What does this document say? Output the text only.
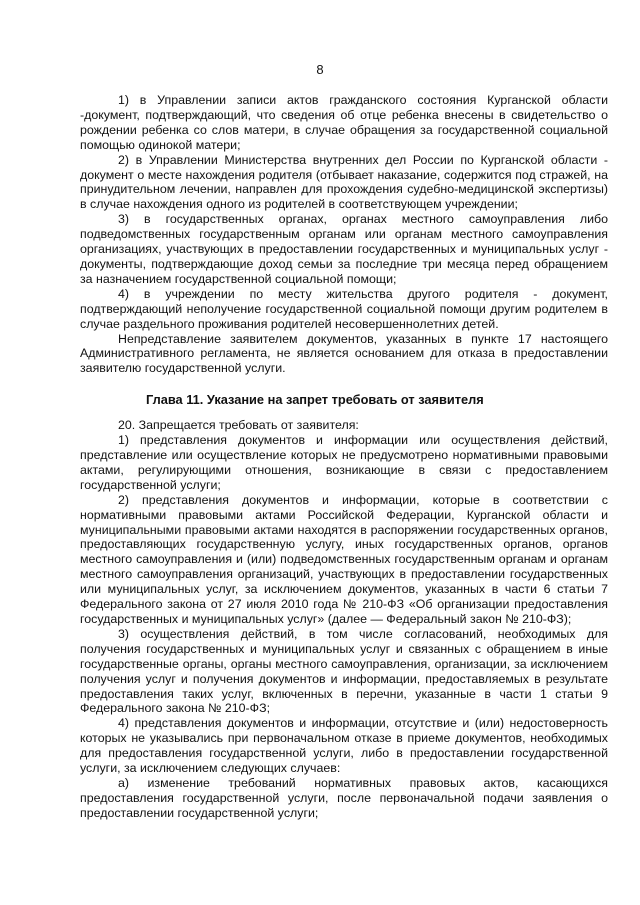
8

1) в Управлении записи актов гражданского состояния Курганской области -документ, подтверждающий, что сведения об отце ребенка внесены в свидетельство о рождении ребенка со слов матери, в случае обращения за государственной социальной помощью одинокой матери;

2) в Управлении Министерства внутренних дел России по Курганской области - документ о месте нахождения родителя (отбывает наказание, содержится под стражей, на принудительном лечении, направлен для прохождения судебно-медицинской экспертизы) в случае нахождения одного из родителей в соответствующем учреждении;

3) в государственных органах, органах местного самоуправления либо подведомственных государственным органам или органам местного самоуправления организациях, участвующих в предоставлении государственных и муниципальных услуг - документы, подтверждающие доход семьи за последние три месяца перед обращением за назначением государственной социальной помощи;

4) в учреждении по месту жительства другого родителя - документ, подтверждающий неполучение государственной социальной помощи другим родителем в случае раздельного проживания родителей несовершеннолетних детей.

Непредставление заявителем документов, указанных в пункте 17 настоящего Административного регламента, не является основанием для отказа в предоставлении заявителю государственной услуги.

Глава 11. Указание на запрет требовать от заявителя

20. Запрещается требовать от заявителя:

1) представления документов и информации или осуществления действий, представление или осуществление которых не предусмотрено нормативными правовыми актами, регулирующими отношения, возникающие в связи с предоставлением государственной услуги;

2) представления документов и информации, которые в соответствии с нормативными правовыми актами Российской Федерации, Курганской области и муниципальными правовыми актами находятся в распоряжении государственных органов, предоставляющих государственную услугу, иных государственных органов, органов местного самоуправления и (или) подведомственных государственным органам и органам местного самоуправления организаций, участвующих в предоставлении государственных или муниципальных услуг, за исключением документов, указанных в части 6 статьи 7 Федерального закона от 27 июля 2010 года № 210-ФЗ «Об организации предоставления государственных и муниципальных услуг» (далее — Федеральный закон № 210-ФЗ);

3) осуществления действий, в том числе согласований, необходимых для получения государственных и муниципальных услуг и связанных с обращением в иные государственные органы, органы местного самоуправления, организации, за исключением получения услуг и получения документов и информации, предоставляемых в результате предоставления таких услуг, включенных в перечни, указанные в части 1 статьи 9 Федерального закона № 210-ФЗ;

4) представления документов и информации, отсутствие и (или) недостоверность которых не указывались при первоначальном отказе в приеме документов, необходимых для предоставления государственной услуги, либо в предоставлении государственной услуги, за исключением следующих случаев:

а) изменение требований нормативных правовых актов, касающихся предоставления государственной услуги, после первоначальной подачи заявления о предоставлении государственной услуги;
